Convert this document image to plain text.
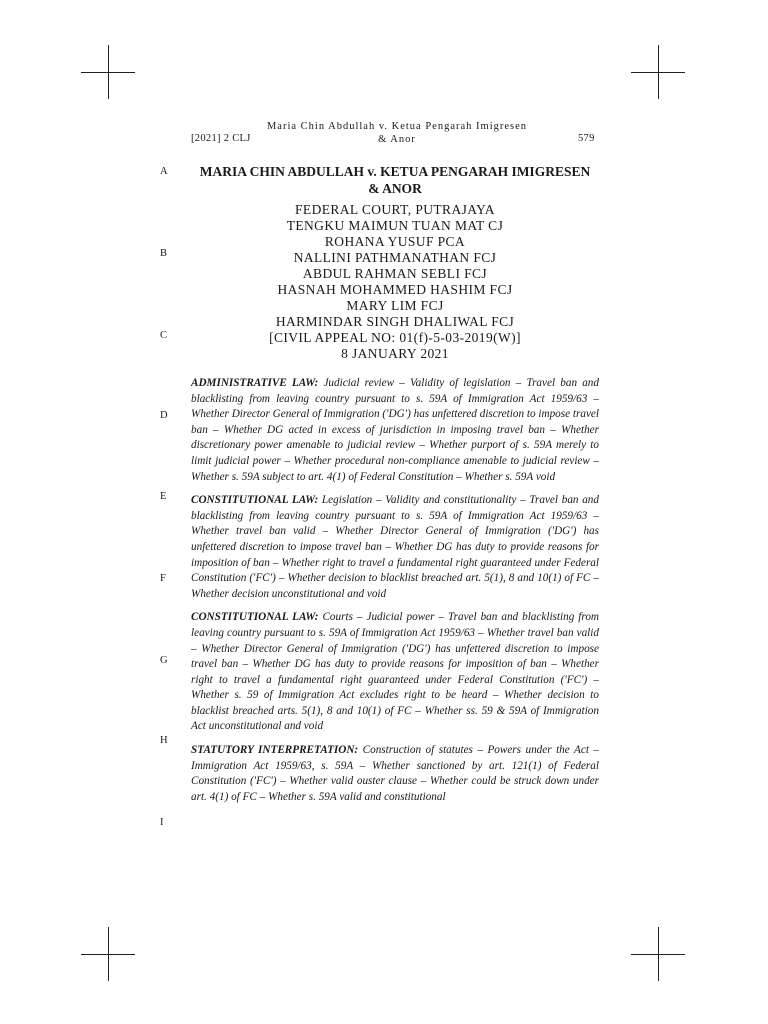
[2021] 2 CLJ
Maria Chin Abdullah v. Ketua Pengarah Imigresen
& Anor	579
A
B
C
D
E
F
G
H
I
MARIA CHIN ABDULLAH v. KETUA PENGARAH IMIGRESEN
& ANOR
FEDERAL COURT, PUTRAJAYA
TENGKU MAIMUN TUAN MAT CJ
ROHANA YUSUF PCA
NALLINI PATHMANATHAN FCJ
ABDUL RAHMAN SEBLI FCJ
HASNAH MOHAMMED HASHIM FCJ
MARY LIM FCJ
HARMINDAR SINGH DHALIWAL FCJ
[CIVIL APPEAL NO: 01(f)-5-03-2019(W)]
8 JANUARY 2021

ADMINISTRATIVE LAW: Judicial review – Validity of legislation – Travel ban and blacklisting from leaving country pursuant to s. 59A of Immigration Act 1959/63 – Whether Director General of Immigration ('DG') has unfettered discretion to impose travel ban – Whether DG acted in excess of jurisdiction in imposing travel ban – Whether discretionary power amenable to judicial review – Whether purport of s. 59A merely to limit judicial power – Whether procedural non-compliance amenable to judicial review – Whether s. 59A subject to art. 4(1) of Federal Constitution – Whether s. 59A void

CONSTITUTIONAL LAW: Legislation – Validity and constitutionality – Travel ban and blacklisting from leaving country pursuant to s. 59A of Immigration Act 1959/63 – Whether travel ban valid – Whether Director General of Immigration ('DG') has unfettered discretion to impose travel ban – Whether DG has duty to provide reasons for imposition of ban – Whether right to travel a fundamental right guaranteed under Federal Constitution ('FC') – Whether decision to blacklist breached art. 5(1), 8 and 10(1) of FC – Whether decision unconstitutional and void

CONSTITUTIONAL LAW: Courts – Judicial power – Travel ban and blacklisting from leaving country pursuant to s. 59A of Immigration Act 1959/63 – Whether travel ban valid – Whether Director General of Immigration ('DG') has unfettered discretion to impose travel ban – Whether DG has duty to provide reasons for imposition of ban – Whether right to travel a fundamental right guaranteed under Federal Constitution ('FC') – Whether s. 59 of Immigration Act excludes right to be heard – Whether decision to blacklist breached arts. 5(1), 8 and 10(1) of FC – Whether ss. 59 & 59A of Immigration Act unconstitutional and void

STATUTORY INTERPRETATION: Construction of statutes – Powers under the Act – Immigration Act 1959/63, s. 59A – Whether sanctioned by art. 121(1) of Federal Constitution ('FC') – Whether valid ouster clause – Whether could be struck down under art. 4(1) of FC – Whether s. 59A valid and constitutional
